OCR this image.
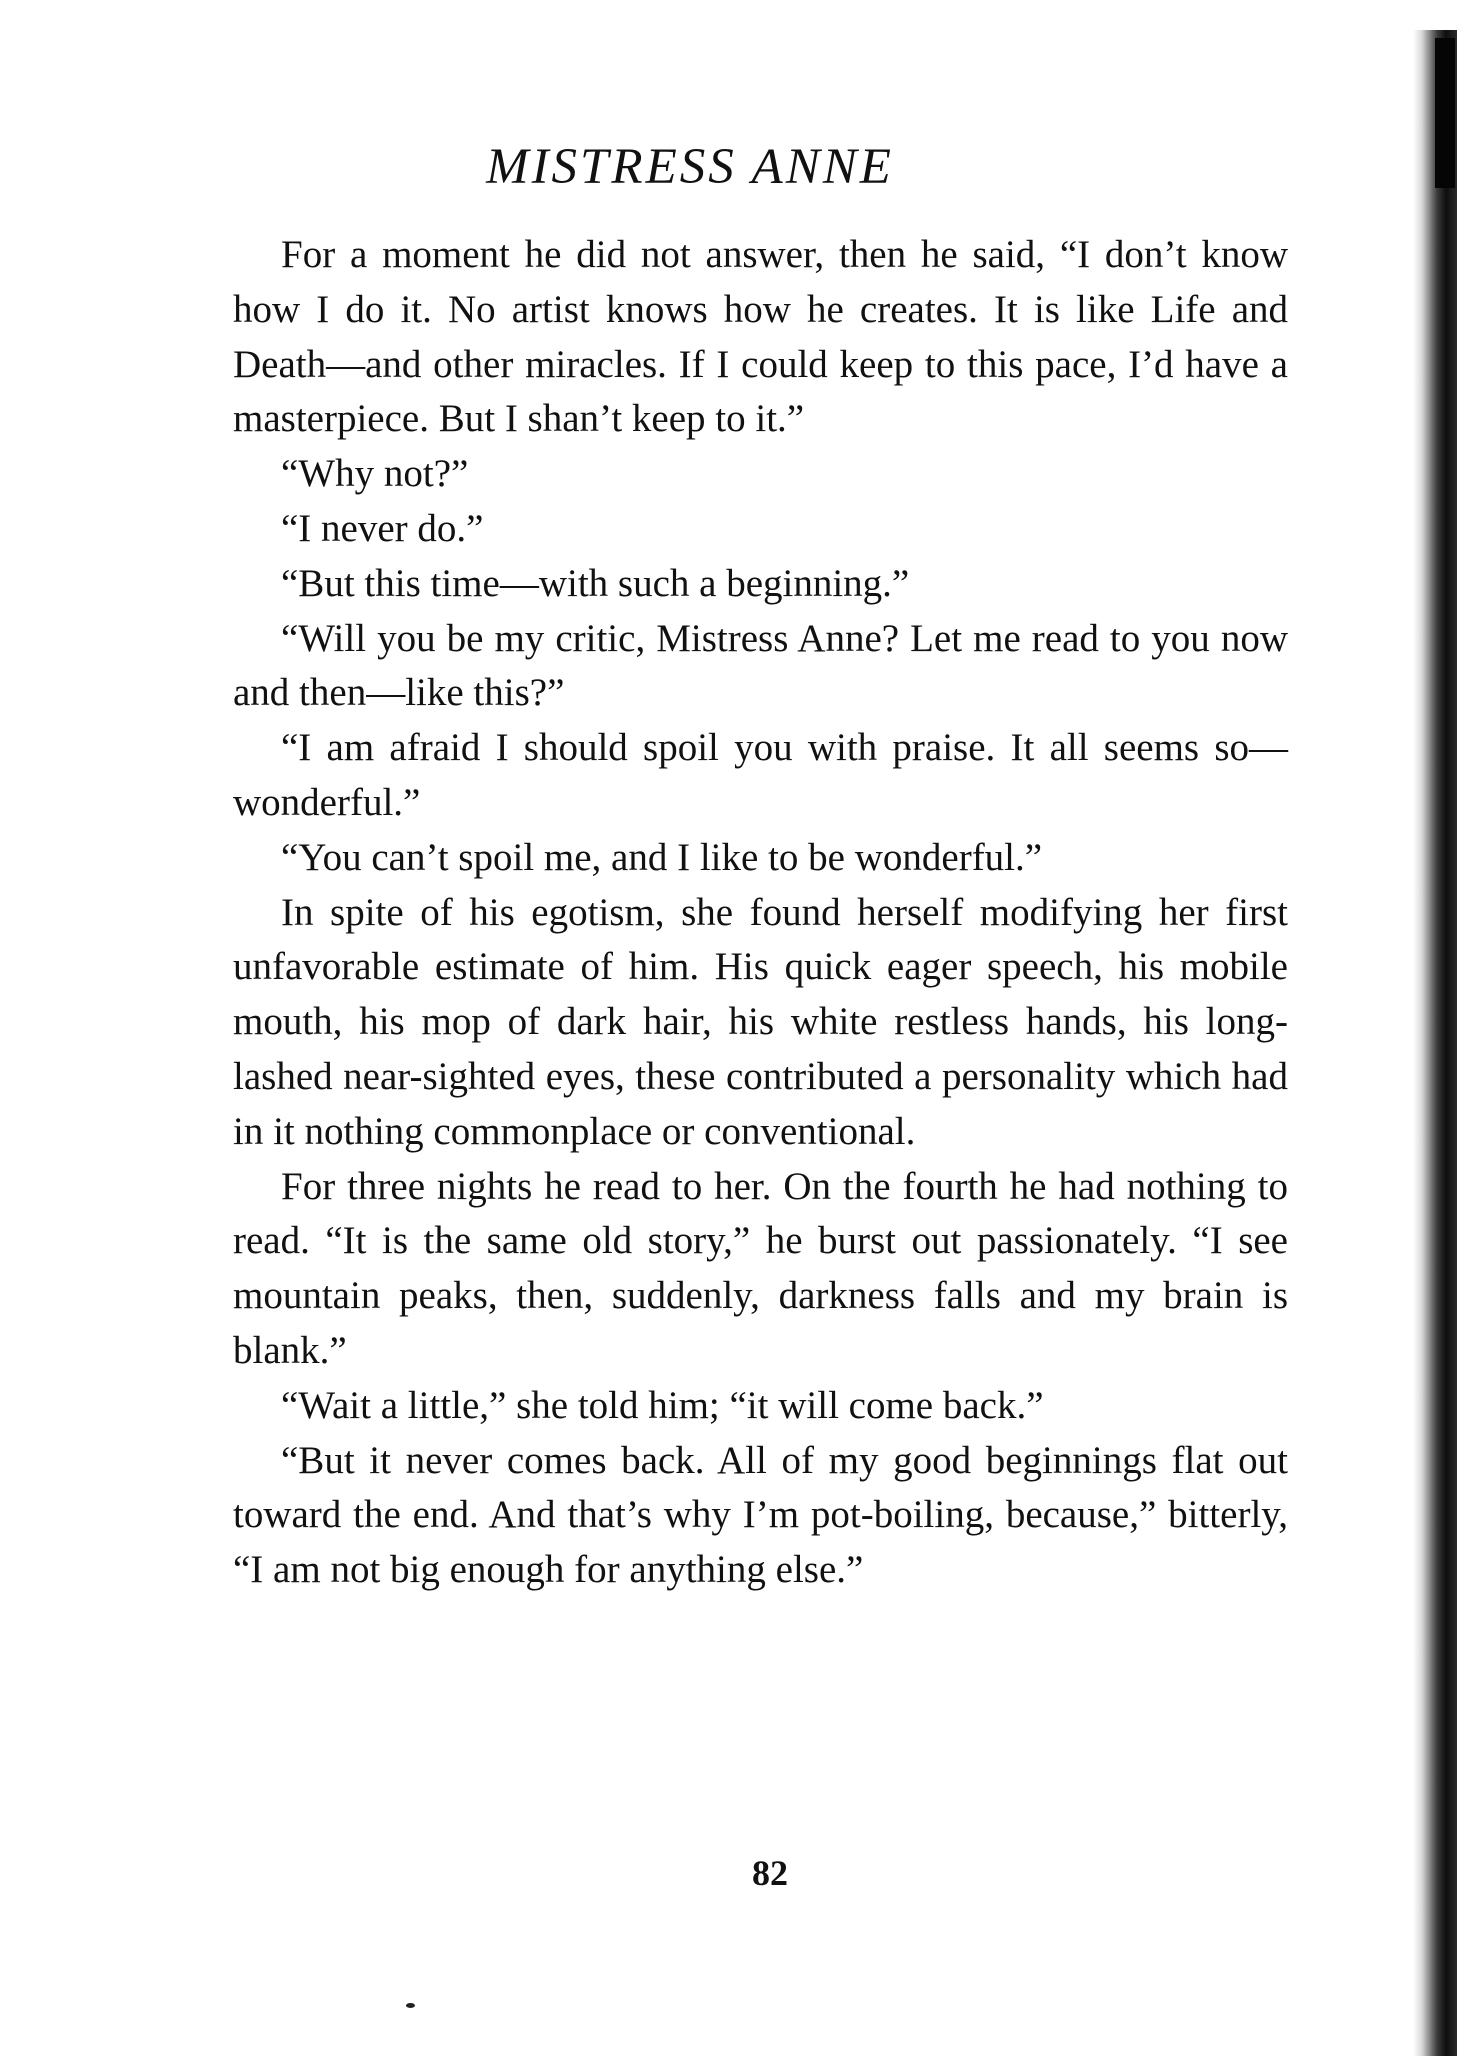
MISTRESS ANNE

For a moment he did not answer, then he said, “I don’t know how I do it. No artist knows how he creates. It is like Life and Death—and other miracles. If I could keep to this pace, I’d have a masterpiece. But I shan’t keep to it.”

“Why not?”

“I never do.”

“But this time—with such a beginning.”

“Will you be my critic, Mistress Anne? Let me read to you now and then—like this?”

“I am afraid I should spoil you with praise. It all seems so—wonderful.”

“You can’t spoil me, and I like to be wonderful.”

In spite of his egotism, she found herself modifying her first unfavorable estimate of him. His quick eager speech, his mobile mouth, his mop of dark hair, his white restless hands, his long-lashed near-sighted eyes, these contributed a personality which had in it nothing commonplace or conventional.

For three nights he read to her. On the fourth he had nothing to read. “It is the same old story,” he burst out passionately. “I see mountain peaks, then, suddenly, darkness falls and my brain is blank.”

“Wait a little,” she told him; “it will come back.”

“But it never comes back. All of my good beginnings flat out toward the end. And that’s why I’m pot-boiling, because,” bitterly, “I am not big enough for anything else.”

82
